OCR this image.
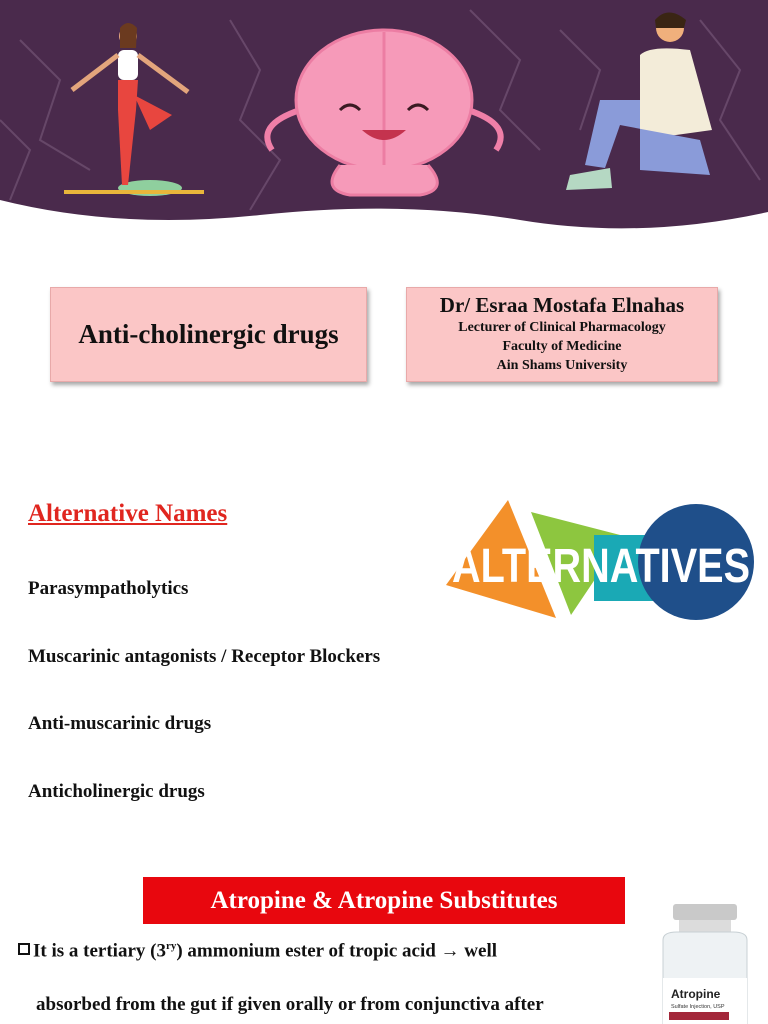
Anti-cholinergic drugs
Dr/ Esraa Mostafa Elnahas
Lecturer of Clinical Pharmacology
Faculty of Medicine
Ain Shams University
Alternative Names
Parasympatholytics
Muscarinic antagonists / Receptor Blockers
Anti-muscarinic drugs
Anticholinergic drugs
ALTERNATIVES
Atropine & Atropine Substitutes
It is a tertiary $(3^{ry})$ ammonium ester of tropic acid → well
absorbed from the gut if given orally or from conjunctiva after	Atropine
Sulfate Injection, USP
